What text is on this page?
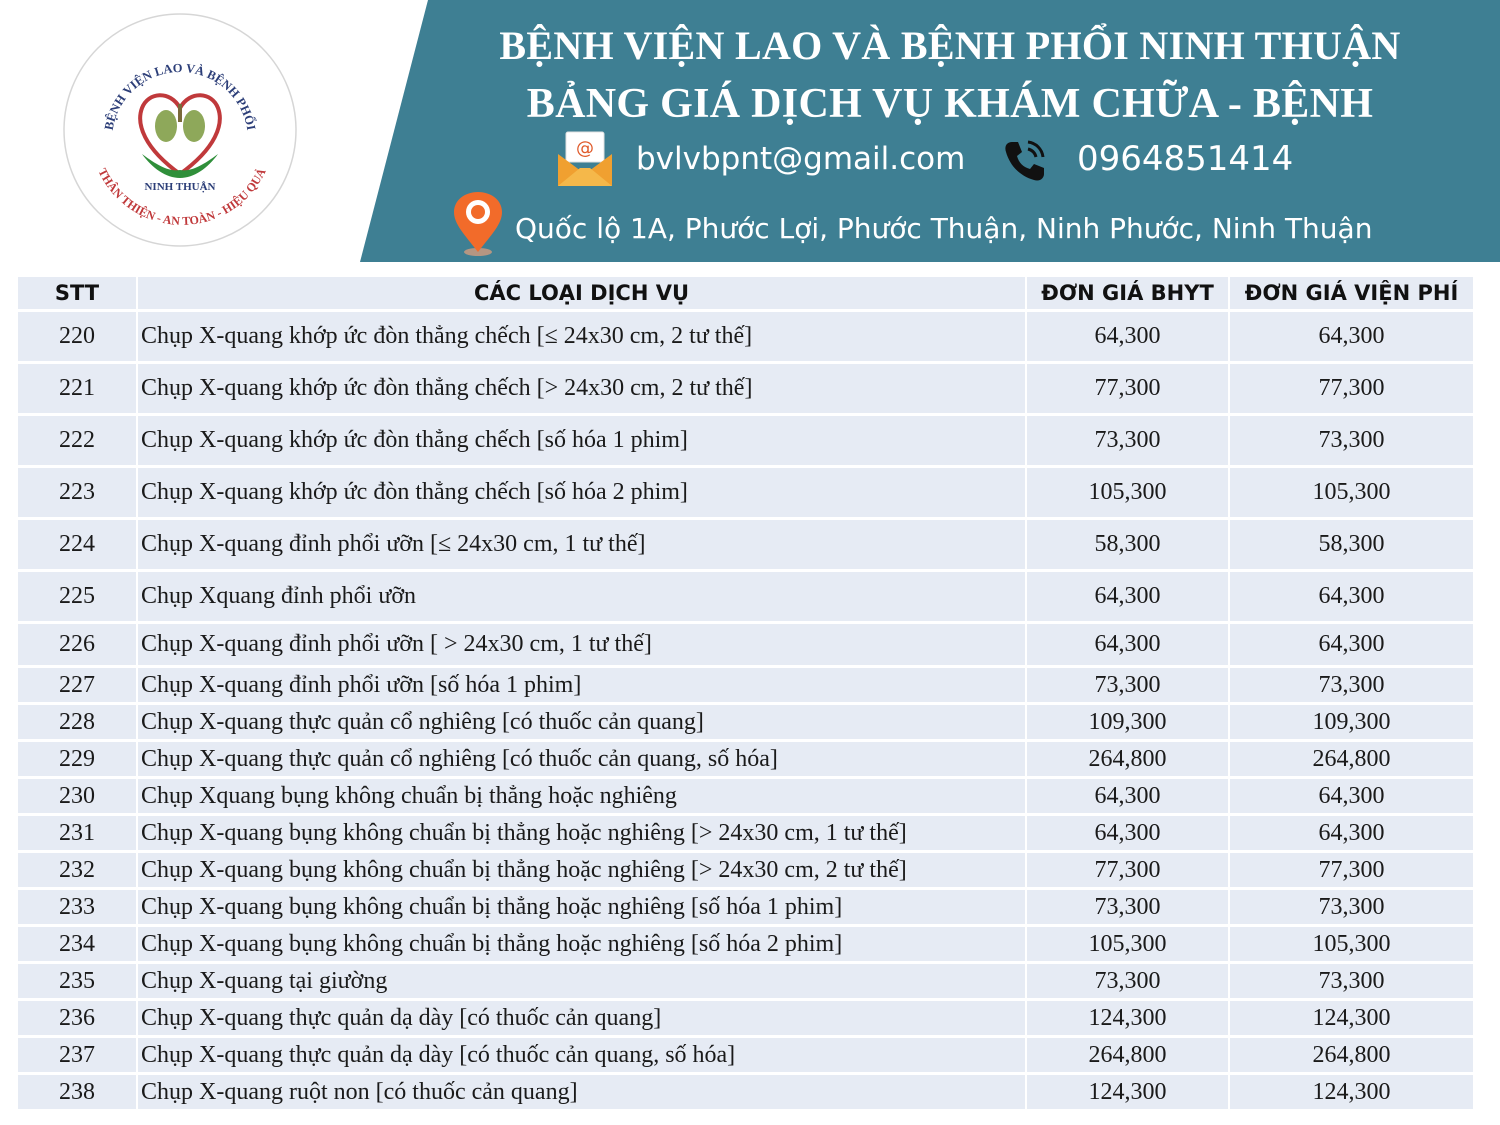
BỆNH VIỆN LAO VÀ BỆNH PHỔI
THÂN THIỆN - AN TOÀN - HIỆU QUẢ
NINH THUẬN
BỆNH VIỆN LAO VÀ BỆNH PHỔI NINH THUẬN
BẢNG GIÁ DỊCH VỤ KHÁM CHỮA - BỆNH
@ bvlvbpnt@gmail.com	0964851414
Quốc lộ 1A, Phước Lợi, Phước Thuận, Ninh Phước, Ninh Thuận
STT	CÁC LOẠI DỊCH VỤ	ĐƠN GIÁ BHYT	ĐƠN GIÁ VIỆN PHÍ
220	Chụp X-quang khớp ức đòn thẳng chếch [≤ 24x30 cm, 2 tư thế]	64,300	64,300
221	Chụp X-quang khớp ức đòn thẳng chếch [> 24x30 cm, 2 tư thế]	77,300	77,300
222	Chụp X-quang khớp ức đòn thẳng chếch [số hóa 1 phim]	73,300	73,300
223	Chụp X-quang khớp ức đòn thẳng chếch [số hóa 2 phim]	105,300	105,300
224	Chụp X-quang đỉnh phổi ưỡn [≤ 24x30 cm, 1 tư thế]	58,300	58,300
225	Chụp Xquang đỉnh phổi ưỡn	64,300	64,300
226	Chụp X-quang đỉnh phổi ưỡn [ > 24x30 cm, 1 tư thế]	64,300	64,300
227	Chụp X-quang đỉnh phổi ưỡn [số hóa 1 phim]	73,300	73,300
228	Chụp X-quang thực quản cổ nghiêng [có thuốc cản quang]	109,300	109,300
229	Chụp X-quang thực quản cổ nghiêng [có thuốc cản quang, số hóa]	264,800	264,800
230	Chụp Xquang bụng không chuẩn bị thẳng hoặc nghiêng	64,300	64,300
231	Chụp X-quang bụng không chuẩn bị thẳng hoặc nghiêng [> 24x30 cm, 1 tư thế]	64,300	64,300
232	Chụp X-quang bụng không chuẩn bị thẳng hoặc nghiêng [> 24x30 cm, 2 tư thế]	77,300	77,300
233	Chụp X-quang bụng không chuẩn bị thẳng hoặc nghiêng [số hóa 1 phim]	73,300	73,300
234	Chụp X-quang bụng không chuẩn bị thẳng hoặc nghiêng [số hóa 2 phim]	105,300	105,300
235	Chụp X-quang tại giường	73,300	73,300
236	Chụp X-quang thực quản dạ dày [có thuốc cản quang]	124,300	124,300
237	Chụp X-quang thực quản dạ dày [có thuốc cản quang, số hóa]	264,800	264,800
238	Chụp X-quang ruột non [có thuốc cản quang]	124,300	124,300
